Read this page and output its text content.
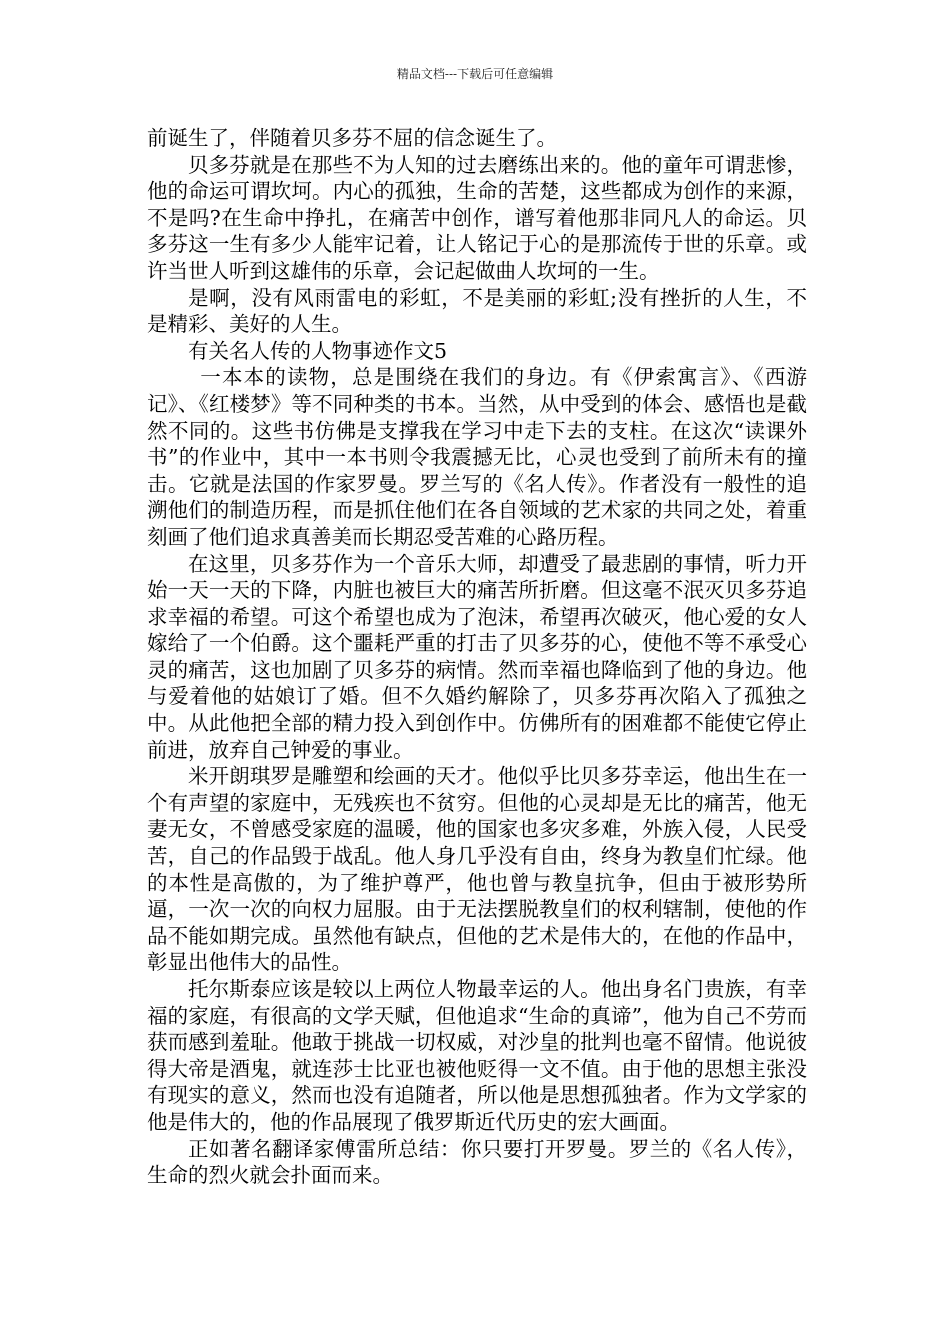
精品文档---下载后可任意编辑

前诞生了，伴随着贝多芬不屈的信念诞生了。

贝多芬就是在那些不为人知的过去磨练出来的。他的童年可谓悲惨，他的命运可谓坎坷。内心的孤独，生命的苦楚，这些都成为创作的来源，不是吗?在生命中挣扎，在痛苦中创作，谱写着他那非同凡人的命运。贝多芬这一生有多少人能牢记着，让人铭记于心的是那流传于世的乐章。或许当世人听到这雄伟的乐章，会记起做曲人坎坷的一生。

是啊，没有风雨雷电的彩虹，不是美丽的彩虹;没有挫折的人生，不是精彩、美好的人生。

有关名人传的人物事迹作文5

一本本的读物，总是围绕在我们的身边。有《伊索寓言》、《西游记》、《红楼梦》等不同种类的书本。当然，从中受到的体会、感悟也是截然不同的。这些书仿佛是支撑我在学习中走下去的支柱。在这次“读课外书”的作业中，其中一本书则令我震撼无比，心灵也受到了前所未有的撞击。它就是法国的作家罗曼。罗兰写的《名人传》。作者没有一般性的追溯他们的制造历程，而是抓住他们在各自领域的艺术家的共同之处，着重刻画了他们追求真善美而长期忍受苦难的心路历程。

在这里，贝多芬作为一个音乐大师，却遭受了最悲剧的事情，听力开始一天一天的下降，内脏也被巨大的痛苦所折磨。但这毫不泯灭贝多芬追求幸福的希望。可这个希望也成为了泡沫，希望再次破灭，他心爱的女人嫁给了一个伯爵。这个噩耗严重的打击了贝多芬的心，使他不等不承受心灵的痛苦，这也加剧了贝多芬的病情。然而幸福也降临到了他的身边。他与爱着他的姑娘订了婚。但不久婚约解除了，贝多芬再次陷入了孤独之中。从此他把全部的精力投入到创作中。仿佛所有的困难都不能使它停止前进，放弃自己钟爱的事业。

米开朗琪罗是雕塑和绘画的天才。他似乎比贝多芬幸运，他出生在一个有声望的家庭中，无残疾也不贫穷。但他的心灵却是无比的痛苦，他无妻无女，不曾感受家庭的温暖，他的国家也多灾多难，外族入侵，人民受苦，自己的作品毁于战乱。他人身几乎没有自由，终身为教皇们忙绿。他的本性是高傲的，为了维护尊严，他也曾与教皇抗争，但由于被形势所逼，一次一次的向权力屈服。由于无法摆脱教皇们的权利辖制，使他的作品不能如期完成。虽然他有缺点，但他的艺术是伟大的，在他的作品中，彰显出他伟大的品性。

托尔斯泰应该是较以上两位人物最幸运的人。他出身名门贵族，有幸福的家庭，有很高的文学天赋，但他追求“生命的真谛”，他为自己不劳而获而感到羞耻。他敢于挑战一切权威，对沙皇的批判也毫不留情。他说彼得大帝是酒鬼，就连莎士比亚也被他贬得一文不值。由于他的思想主张没有现实的意义，然而也没有追随者，所以他是思想孤独者。作为文学家的他是伟大的，他的作品展现了俄罗斯近代历史的宏大画面。

正如著名翻译家傅雷所总结：你只要打开罗曼。罗兰的《名人传》，生命的烈火就会扑面而来。
